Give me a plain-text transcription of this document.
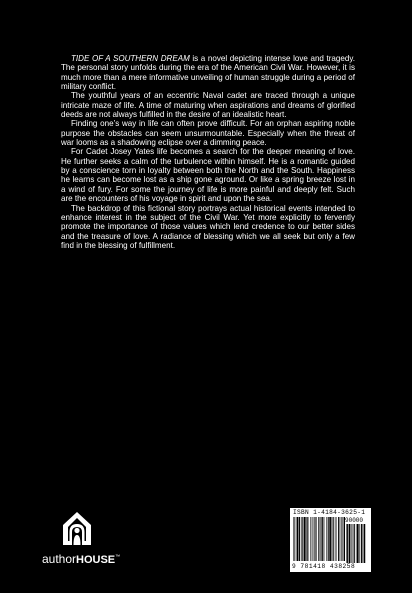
TIDE OF A SOUTHERN DREAM is a novel depicting intense love and tragedy. The personal story unfolds during the era of the American Civil War. However, it is much more than a mere informative unveiling of human struggle during a period of military conflict.

The youthful years of an eccentric Naval cadet are traced through a unique intricate maze of life. A time of maturing when aspirations and dreams of glorified deeds are not always fulfilled in the desire of an idealistic heart.

Finding one’s way in life can often prove difficult. For an orphan aspiring noble purpose the obstacles can seem unsurmountable. Especially when the threat of war looms as a shadowing eclipse over a dimming peace.

For Cadet Josey Yates life becomes a search for the deeper meaning of love. He further seeks a calm of the turbulence within himself. He is a romantic guided by a conscience torn in loyalty between both the North and the South. Happiness he learns can become lost as a ship gone aground. Or like a spring breeze lost in a wind of fury. For some the journey of life is more painful and deeply felt. Such are the encounters of his voyage in spirit and upon the sea.

The backdrop of this fictional story portrays actual historical events intended to enhance interest in the subject of the Civil War. Yet more explicitly to fervently promote the importance of those values which lend credence to our better sides and the treasure of love. A radiance of blessing which we all seek but only a few find in the blessing of fulfillment.

authorHOUSE™
ISBN 1-4184-3625-1
90000
9 781418 438258
